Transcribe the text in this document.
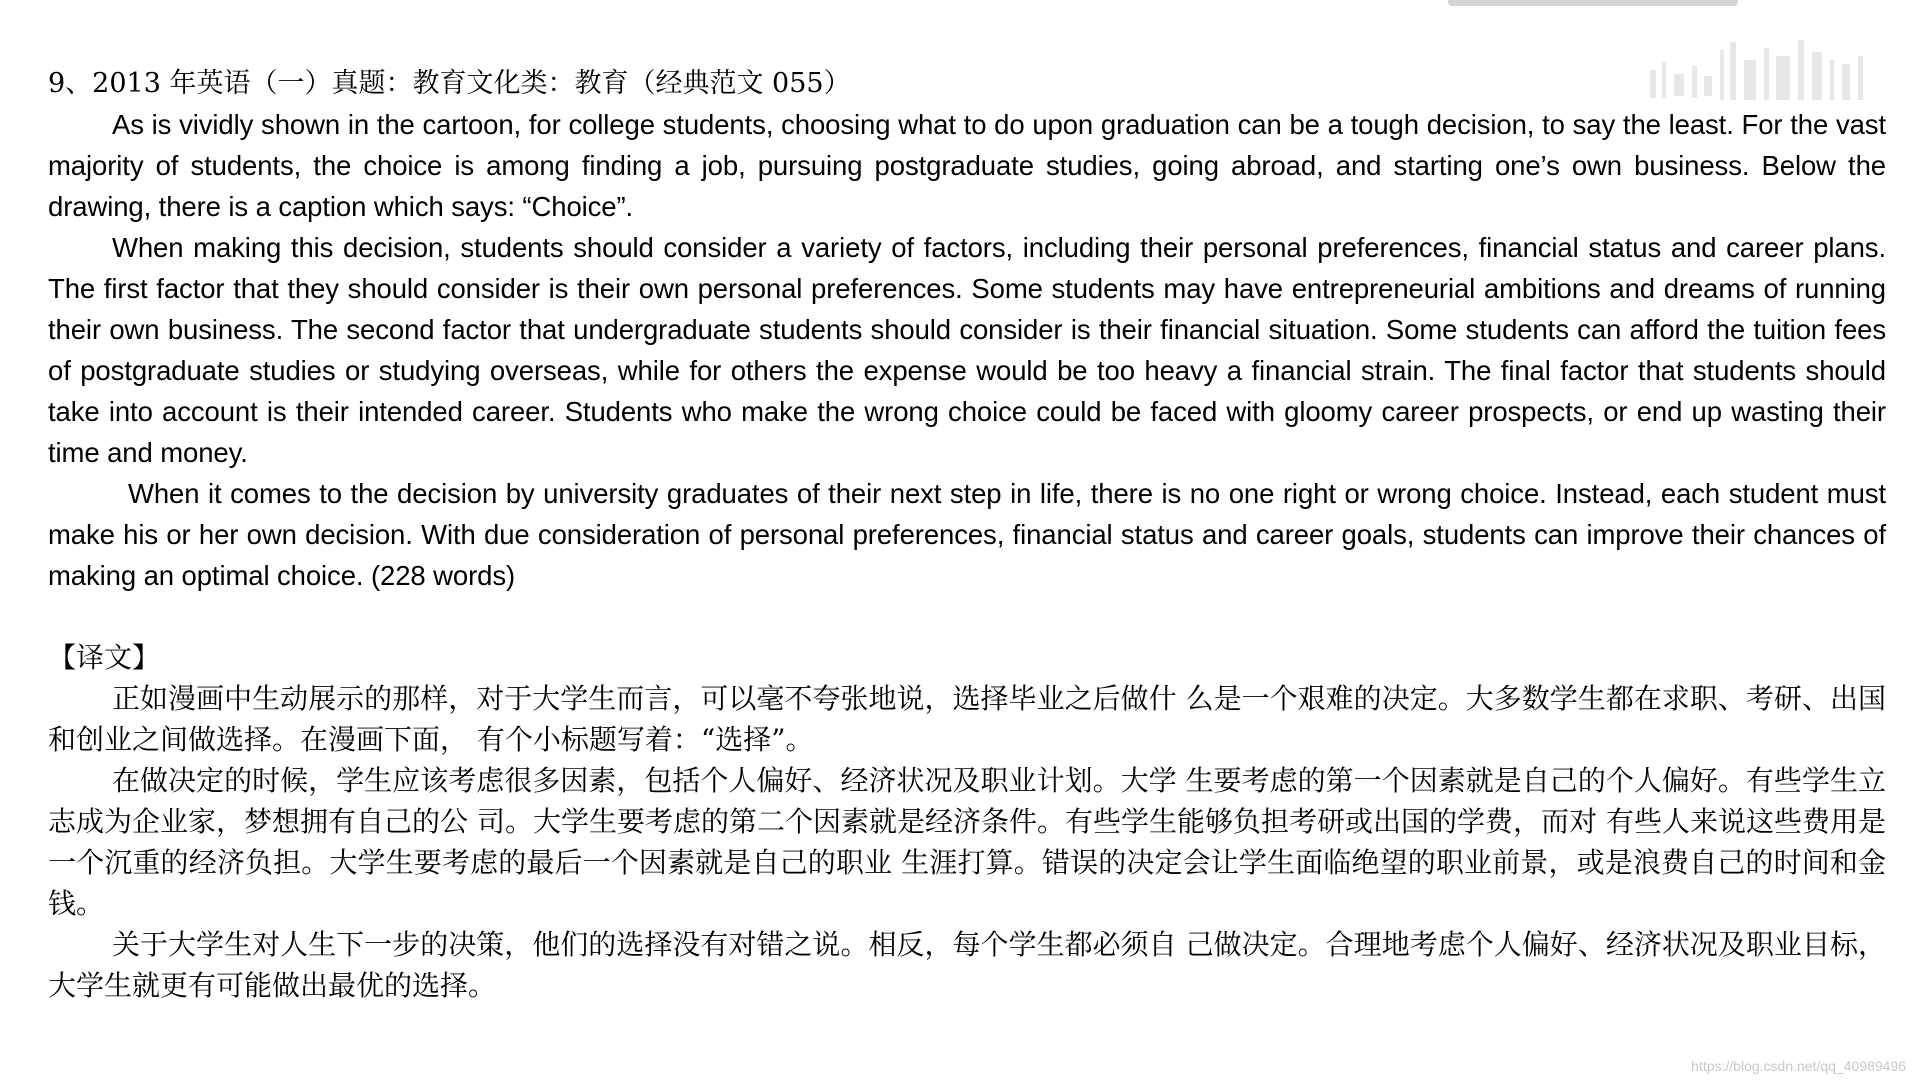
9、2013 年英语（一）真题：教育文化类：教育（经典范文 055）

As is vividly shown in the cartoon, for college students, choosing what to do upon graduation can be a tough decision, to say the least. For the vast majority of students, the choice is among finding a job, pursuing postgraduate studies, going abroad, and starting one’s own business. Below the drawing, there is a caption which says: “Choice”.

When making this decision, students should consider a variety of factors, including their personal preferences, financial status and career plans. The first factor that they should consider is their own personal preferences. Some students may have entrepreneurial ambitions and dreams of running their own business. The second factor that undergraduate students should consider is their financial situation. Some students can afford the tuition fees of postgraduate studies or studying overseas, while for others the expense would be too heavy a financial strain. The final factor that students should take into account is their intended career. Students who make the wrong choice could be faced with gloomy career prospects, or end up wasting their time and money.

When it comes to the decision by university graduates of their next step in life, there is no one right or wrong choice. Instead, each student must make his or her own decision. With due consideration of personal preferences, financial status and career goals, students can improve their chances of making an optimal choice. (228 words)

【译文】

正如漫画中生动展示的那样，对于大学生而言，可以毫不夸张地说，选择毕业之后做什 么是一个艰难的决定。大多数学生都在求职、考研、出国和创业之间做选择。在漫画下面， 有个小标题写着：“选择”。

在做决定的时候，学生应该考虑很多因素，包括个人偏好、经济状况及职业计划。大学 生要考虑的第一个因素就是自己的个人偏好。有些学生立志成为企业家，梦想拥有自己的公 司。大学生要考虑的第二个因素就是经济条件。有些学生能够负担考研或出国的学费，而对 有些人来说这些费用是一个沉重的经济负担。大学生要考虑的最后一个因素就是自己的职业 生涯打算。错误的决定会让学生面临绝望的职业前景，或是浪费自己的时间和金钱。

关于大学生对人生下一步的决策，他们的选择没有对错之说。相反，每个学生都必须自 己做决定。合理地考虑个人偏好、经济状况及职业目标，大学生就更有可能做出最优的选择。

https://blog.csdn.net/qq_40989496
